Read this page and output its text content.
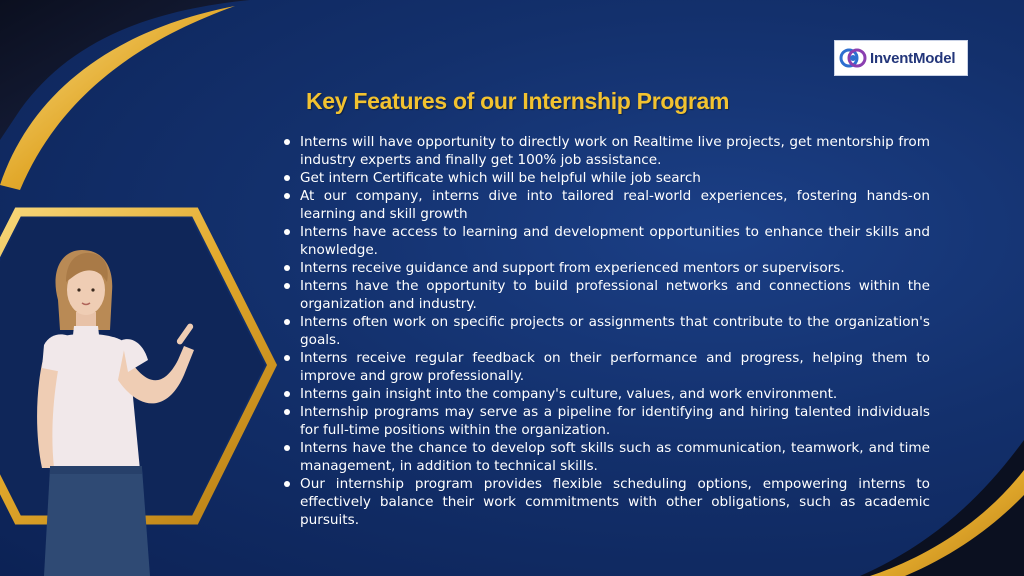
InventModel
Key Features of our Internship Program
Interns will have opportunity to directly work on Realtime live projects, get mentorship from industry experts and finally get 100% job assistance.
Get intern Certificate which will be helpful while job search
At our company, interns dive into tailored real-world experiences, fostering hands-on learning and skill growth
Interns have access to learning and development opportunities to enhance their skills and knowledge.
Interns receive guidance and support from experienced mentors or supervisors.
Interns have the opportunity to build professional networks and connections within the organization and industry.
Interns often work on specific projects or assignments that contribute to the organization's goals.
Interns receive regular feedback on their performance and progress, helping them to improve and grow professionally.
Interns gain insight into the company's culture, values, and work environment.
Internship programs may serve as a pipeline for identifying and hiring talented individuals for full-time positions within the organization.
Interns have the chance to develop soft skills such as communication, teamwork, and time management, in addition to technical skills.
Our internship program provides flexible scheduling options, empowering interns to effectively balance their work commitments with other obligations, such as academic pursuits.
